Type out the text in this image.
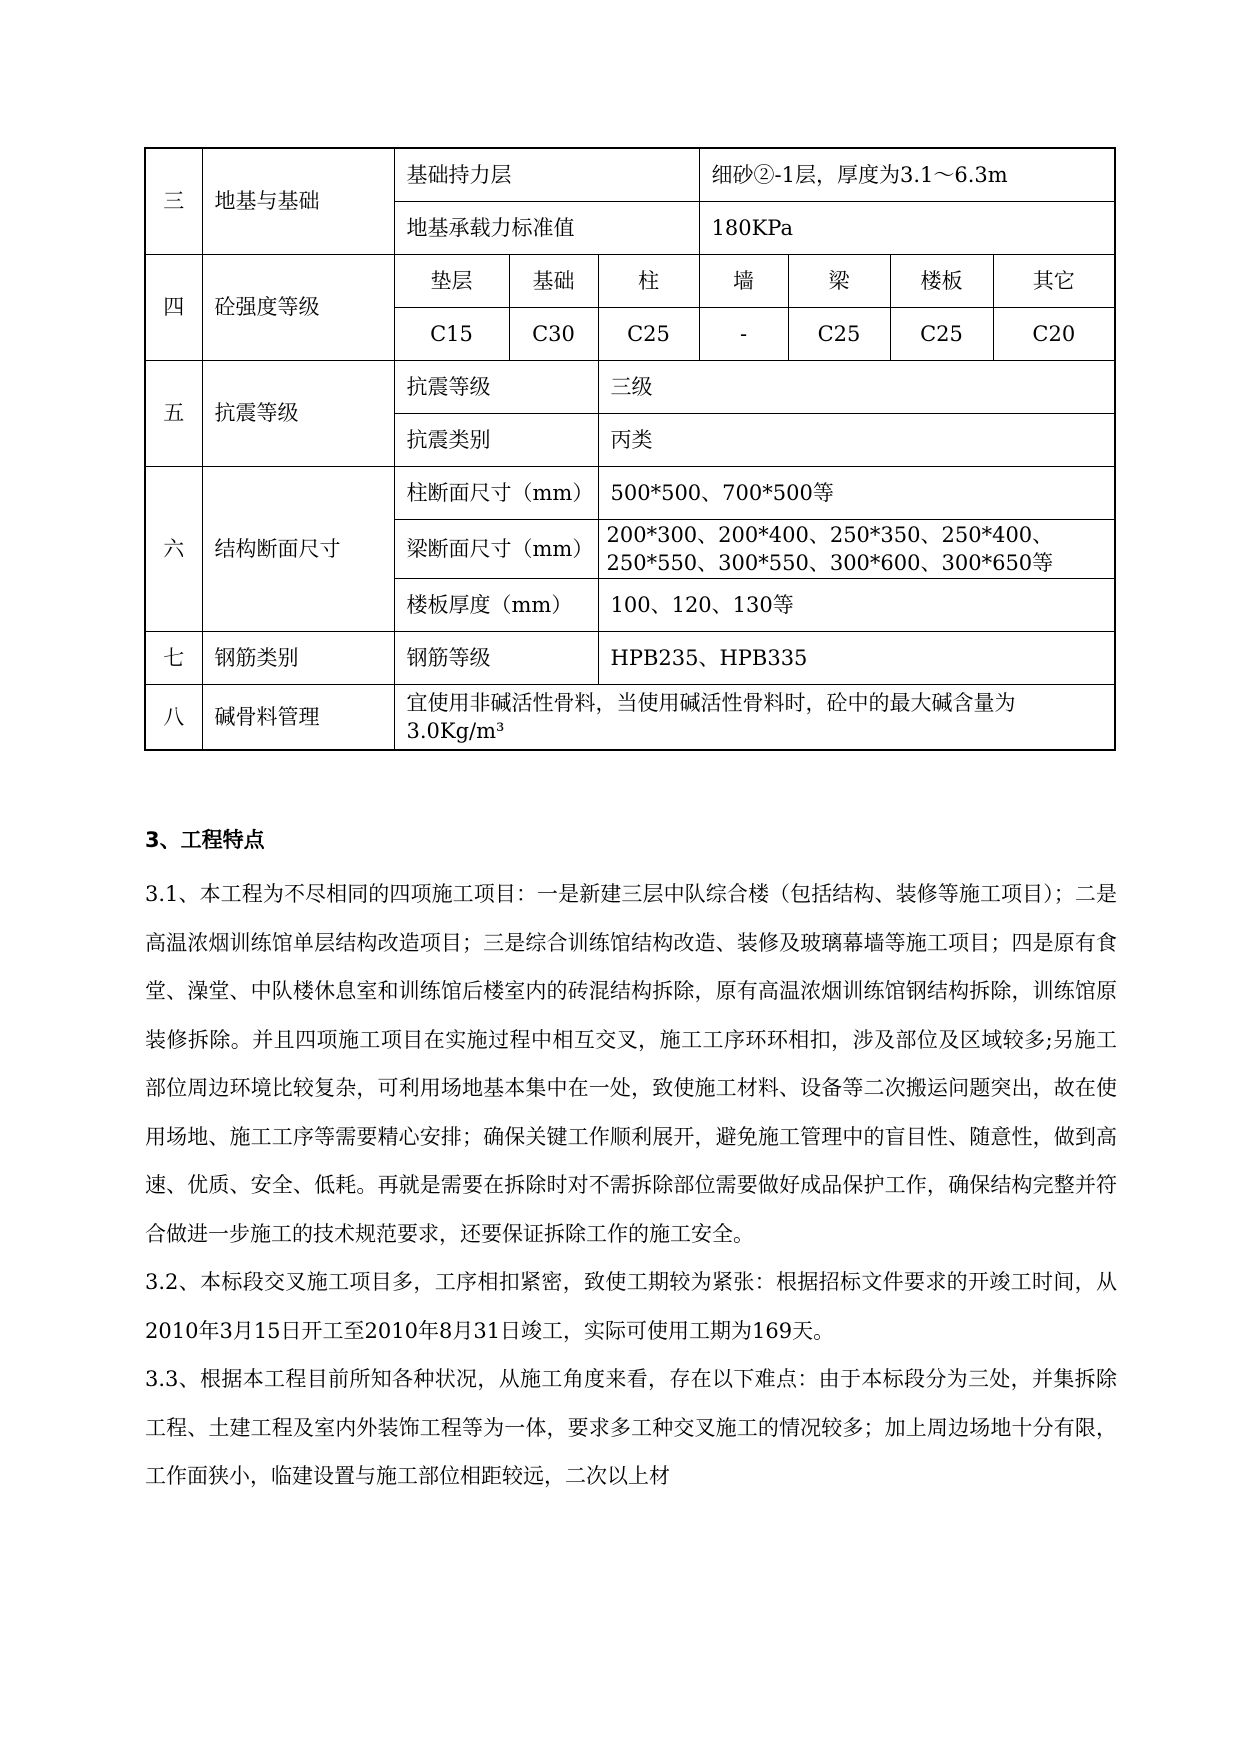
三	地基与基础	基础持力层			细砂②-1层，厚度为3.1～6.3m			
		地基承载力标准值			180KPa			
四	砼强度等级	垫层	基础	柱	墙	梁	楼板	其它
		C15	C30	C25	-	C25	C25	C20
五	抗震等级	抗震等级		三级				
		抗震类别		丙类				
六	结构断面尺寸	柱断面尺寸（mm）		500*500、700*500等				
		梁断面尺寸（mm）		200*300、200*400、250*350、250*400、250*550、300*550、300*600、300*650等				
		楼板厚度（mm）		100、120、130等				
七	钢筋类别	钢筋等级		HPB235、HPB335				
八	碱骨料管理	宜使用非碱活性骨料，当使用碱活性骨料时，砼中的最大碱含量为3.0Kg/m³						
3、工程特点

3.1、本工程为不尽相同的四项施工项目：一是新建三层中队综合楼（包括结构、装修等施工项目）；二是高温浓烟训练馆单层结构改造项目；三是综合训练馆结构改造、装修及玻璃幕墙等施工项目；四是原有食堂、澡堂、中队楼休息室和训练馆后楼室内的砖混结构拆除，原有高温浓烟训练馆钢结构拆除，训练馆原装修拆除。并且四项施工项目在实施过程中相互交叉，施工工序环环相扣，涉及部位及区域较多;另施工部位周边环境比较复杂，可利用场地基本集中在一处，致使施工材料、设备等二次搬运问题突出，故在使用场地、施工工序等需要精心安排；确保关键工作顺利展开，避免施工管理中的盲目性、随意性，做到高速、优质、安全、低耗。再就是需要在拆除时对不需拆除部位需要做好成品保护工作，确保结构完整并符合做进一步施工的技术规范要求，还要保证拆除工作的施工安全。

3.2、本标段交叉施工项目多，工序相扣紧密，致使工期较为紧张：根据招标文件要求的开竣工时间，从2010年3月15日开工至2010年8月31日竣工，实际可使用工期为169天。

3.3、根据本工程目前所知各种状况，从施工角度来看，存在以下难点：由于本标段分为三处，并集拆除工程、土建工程及室内外装饰工程等为一体，要求多工种交叉施工的情况较多；加上周边场地十分有限，工作面狭小，临建设置与施工部位相距较远，二次以上材
